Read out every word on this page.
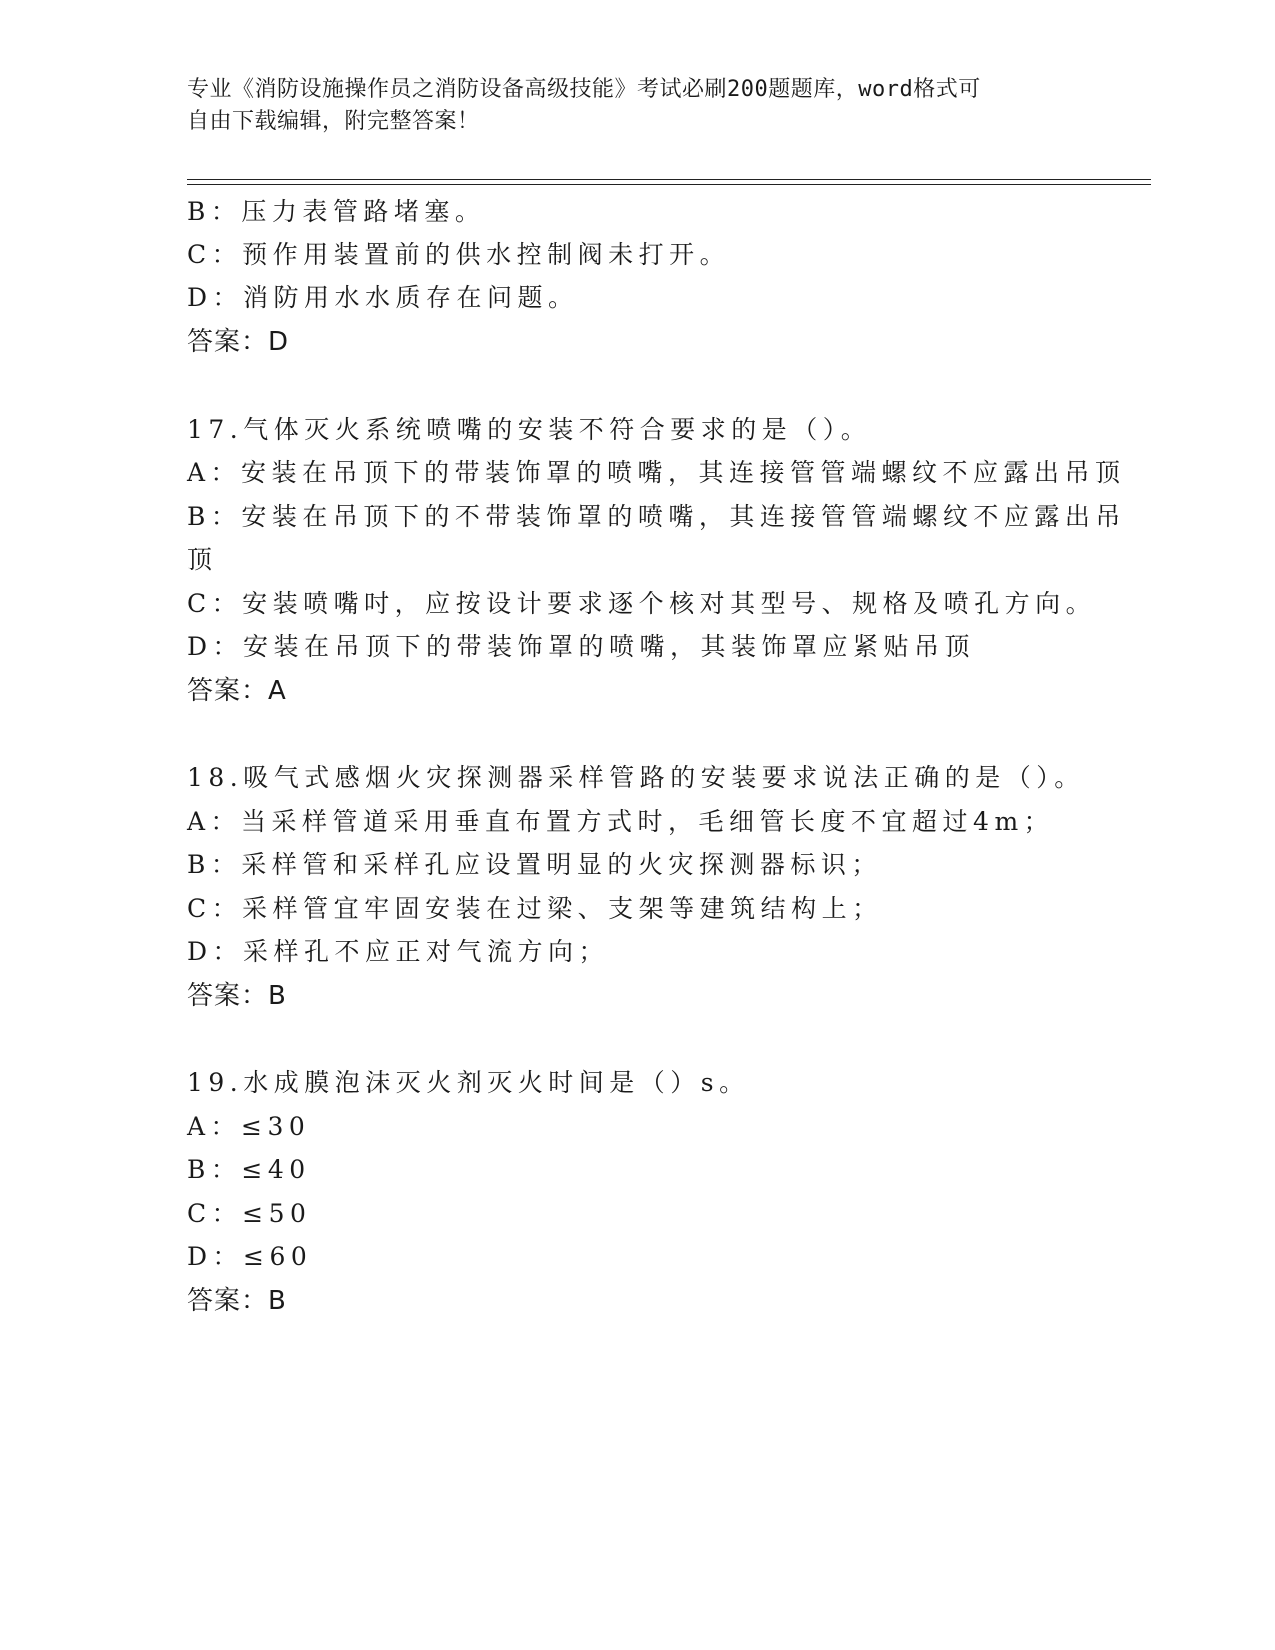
专业《消防设施操作员之消防设备高级技能》考试必刷200题题库，word格式可
自由下载编辑，附完整答案！
B：压力表管路堵塞。
C：预作用装置前的供水控制阀未打开。
D：消防用水水质存在问题。
答案：D
17.气体灭火系统喷嘴的安装不符合要求的是（）。
A：安装在吊顶下的带装饰罩的喷嘴，其连接管管端螺纹不应露出吊顶
B：安装在吊顶下的不带装饰罩的喷嘴，其连接管管端螺纹不应露出吊
顶
C：安装喷嘴吋，应按设计要求逐个核对其型号、规格及喷孔方向。
D：安装在吊顶下的带装饰罩的喷嘴，其装饰罩应紧贴吊顶
答案：A
18.吸气式感烟火灾探测器采样管路的安装要求说法正确的是（）。
A：当采样管道采用垂直布置方式时，毛细管长度不宜超过4m；
B：采样管和采样孔应设置明显的火灾探测器标识；
C：采样管宜牢固安装在过梁、支架等建筑结构上；
D：采样孔不应正对气流方向；
答案：B
19.水成膜泡沫灭火剂灭火时间是（）s。
A：≤30
B：≤40
C：≤50
D：≤60
答案：B
